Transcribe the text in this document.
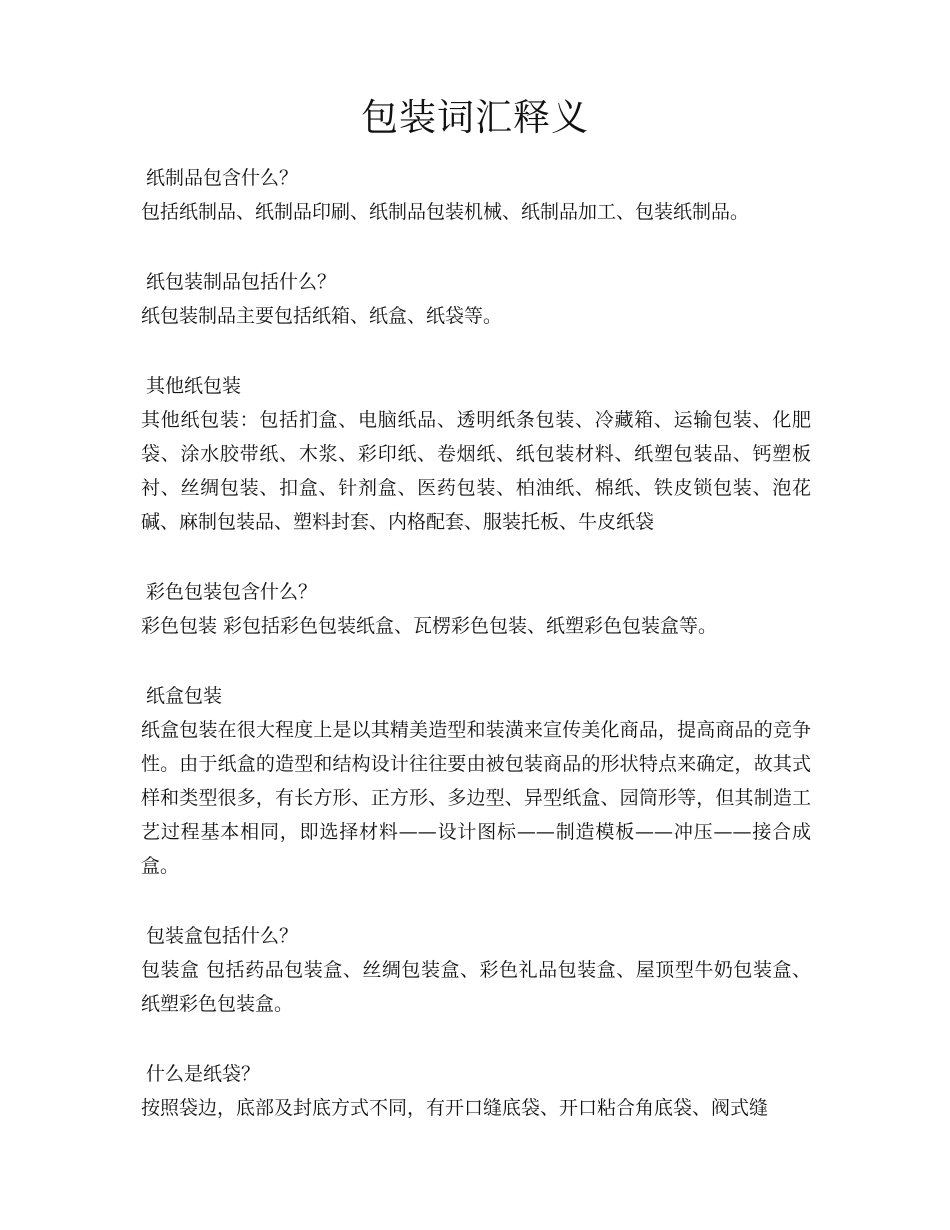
包装词汇释义

纸制品包含什么？

包括纸制品、纸制品印刷、纸制品包装机械、纸制品加工、包装纸制品。

纸包装制品包括什么？

纸包装制品主要包括纸箱、纸盒、纸袋等。

其他纸包装

其他纸包装：包括扪盒、电脑纸品、透明纸条包装、冷藏箱、运输包装、化肥袋、涂水胶带纸、木浆、彩印纸、卷烟纸、纸包装材料、纸塑包装品、钙塑板衬、丝绸包装、扣盒、针剂盒、医药包装、柏油纸、棉纸、铁皮锁包装、泡花碱、麻制包装品、塑料封套、内格配套、服装托板、牛皮纸袋

彩色包装包含什么？

彩色包装 彩包括彩色包装纸盒、瓦楞彩色包装、纸塑彩色包装盒等。

纸盒包装

纸盒包装在很大程度上是以其精美造型和装潢来宣传美化商品，提高商品的竞争性。由于纸盒的造型和结构设计往往要由被包装商品的形状特点来确定，故其式样和类型很多，有长方形、正方形、多边型、异型纸盒、园筒形等，但其制造工艺过程基本相同，即选择材料——设计图标——制造模板——冲压——接合成盒。

包装盒包括什么？

包装盒 包括药品包装盒、丝绸包装盒、彩色礼品包装盒、屋顶型牛奶包装盒、纸塑彩色包装盒。

什么是纸袋？

按照袋边，底部及封底方式不同，有开口缝底袋、开口粘合角底袋、阀式缝
